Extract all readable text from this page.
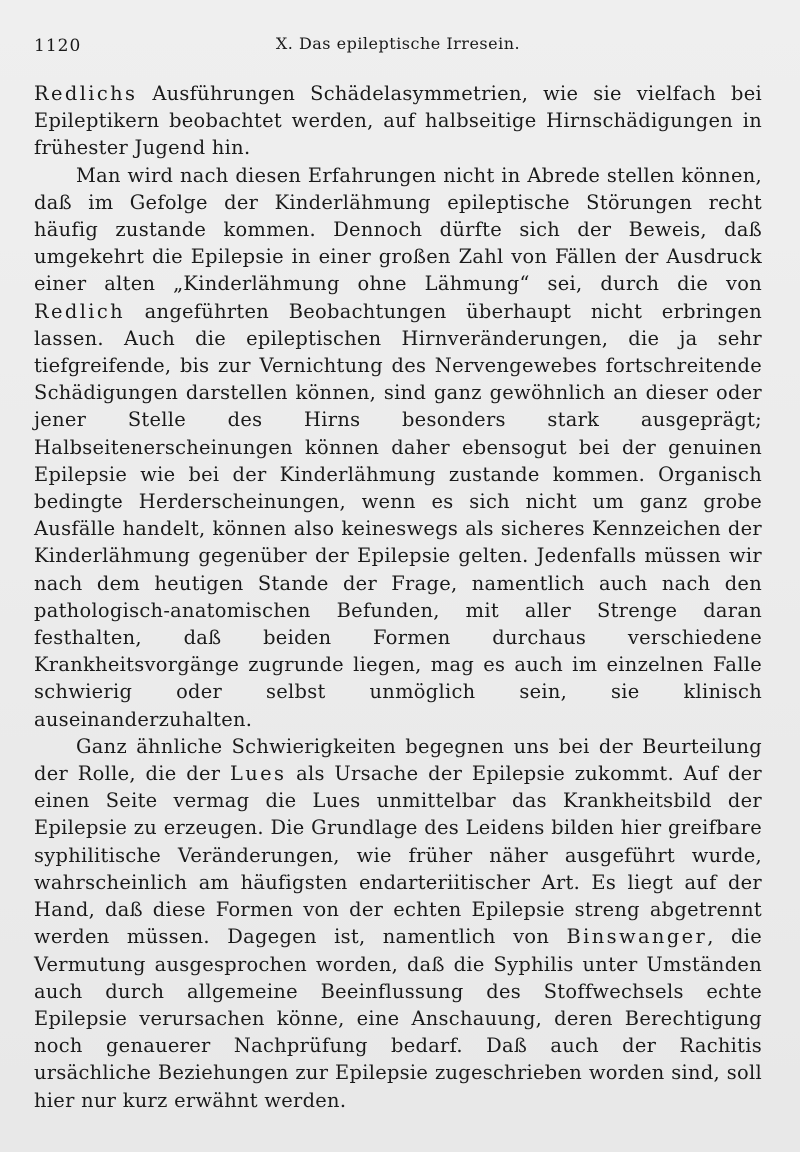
1120	X. Das epileptische Irresein.

Redlichs Ausführungen Schädelasymmetrien, wie sie vielfach bei Epileptikern beobachtet werden, auf halbseitige Hirnschädigungen in frühester Jugend hin.

Man wird nach diesen Erfahrungen nicht in Abrede stellen können, daß im Gefolge der Kinderlähmung epileptische Störungen recht häufig zustande kommen. Dennoch dürfte sich der Beweis, daß umgekehrt die Epilepsie in einer großen Zahl von Fällen der Ausdruck einer alten „Kinderlähmung ohne Lähmung“ sei, durch die von Redlich angeführten Beobachtungen überhaupt nicht erbringen lassen. Auch die epileptischen Hirnveränderungen, die ja sehr tiefgreifende, bis zur Vernichtung des Nervengewebes fortschreitende Schädigungen darstellen können, sind ganz gewöhnlich an dieser oder jener Stelle des Hirns besonders stark ausgeprägt; Halbseitenerscheinungen können daher ebensogut bei der genuinen Epilepsie wie bei der Kinderlähmung zustande kommen. Organisch bedingte Herderscheinungen, wenn es sich nicht um ganz grobe Ausfälle handelt, können also keineswegs als sicheres Kennzeichen der Kinderlähmung gegenüber der Epilepsie gelten. Jedenfalls müssen wir nach dem heutigen Stande der Frage, namentlich auch nach den pathologisch-anatomischen Befunden, mit aller Strenge daran festhalten, daß beiden Formen durchaus verschiedene Krankheitsvorgänge zugrunde liegen, mag es auch im einzelnen Falle schwierig oder selbst unmöglich sein, sie klinisch auseinanderzuhalten.

Ganz ähnliche Schwierigkeiten begegnen uns bei der Beurteilung der Rolle, die der Lues als Ursache der Epilepsie zukommt. Auf der einen Seite vermag die Lues unmittelbar das Krankheitsbild der Epilepsie zu erzeugen. Die Grundlage des Leidens bilden hier greifbare syphilitische Veränderungen, wie früher näher ausgeführt wurde, wahrscheinlich am häufigsten endarteriitischer Art. Es liegt auf der Hand, daß diese Formen von der echten Epilepsie streng abgetrennt werden müssen. Dagegen ist, namentlich von Binswanger, die Vermutung ausgesprochen worden, daß die Syphilis unter Umständen auch durch allgemeine Beeinflussung des Stoffwechsels echte Epilepsie verursachen könne, eine Anschauung, deren Berechtigung noch genauerer Nachprüfung bedarf. Daß auch der Rachitis ursächliche Beziehungen zur Epilepsie zugeschrieben worden sind, soll hier nur kurz erwähnt werden.
